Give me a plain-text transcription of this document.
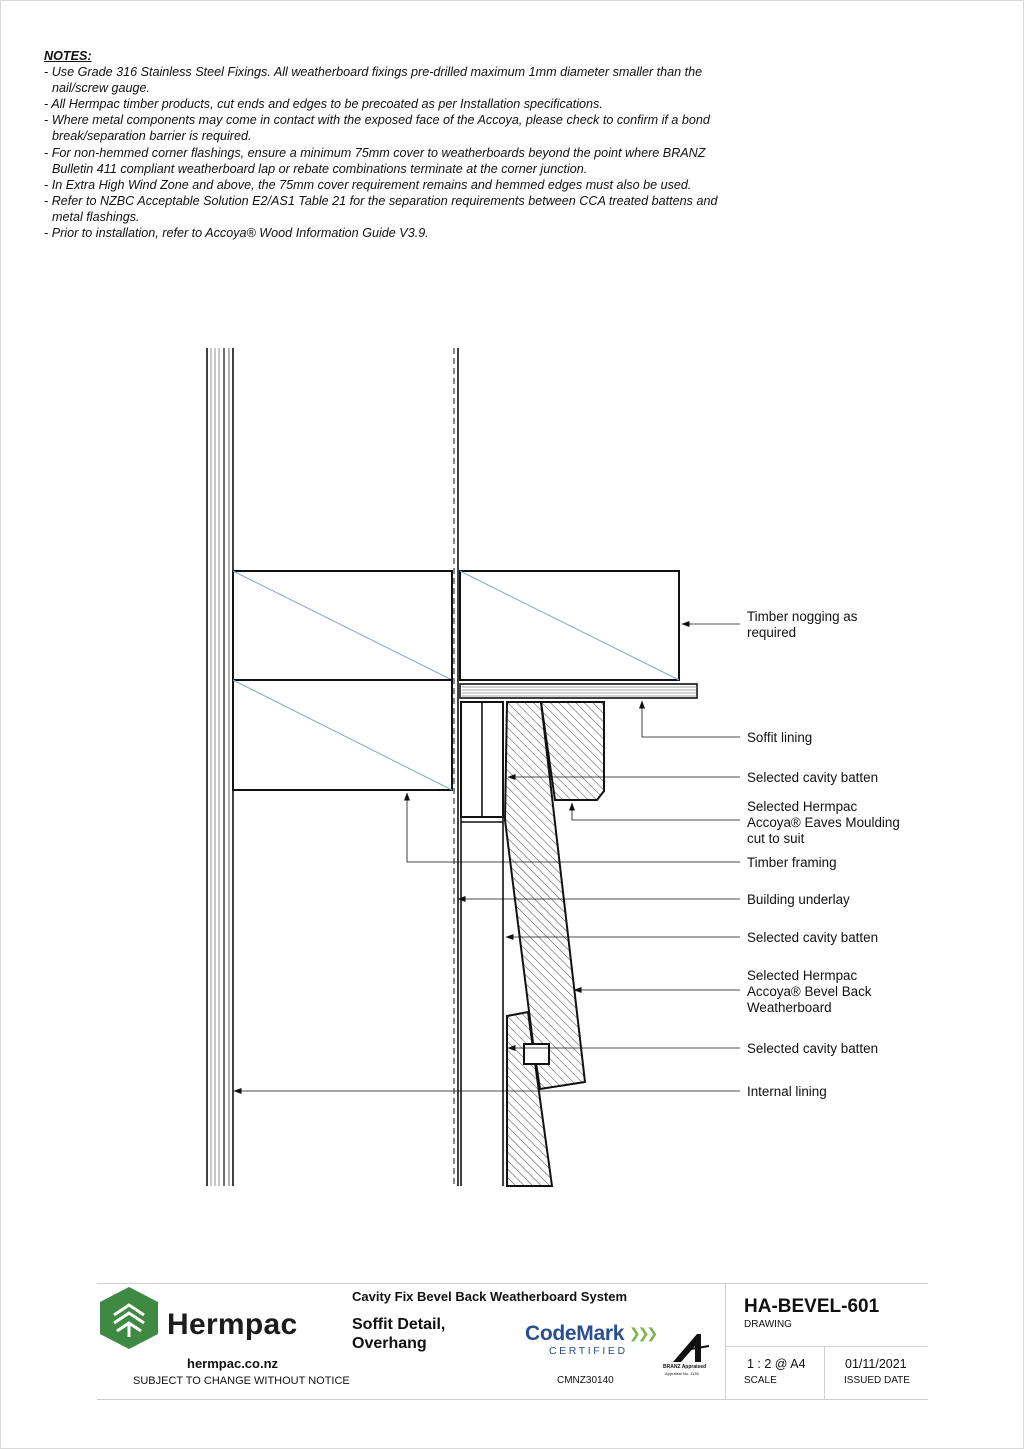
NOTES:
- Use Grade 316 Stainless Steel Fixings. All weatherboard fixings pre-drilled maximum 1mm diameter smaller than the nail/screw gauge.
- All Hermpac timber products, cut ends and edges to be precoated as per Installation specifications.
- Where metal components may come in contact with the exposed face of the Accoya, please check to confirm if a bond break/separation barrier is required.
- For non-hemmed corner flashings, ensure a minimum 75mm cover to weatherboards beyond the point where BRANZ Bulletin 411 compliant weatherboard lap or rebate combinations terminate at the corner junction.
- In Extra High Wind Zone and above, the 75mm cover requirement remains and hemmed edges must also be used.
- Refer to NZBC Acceptable Solution E2/AS1 Table 21 for the separation requirements between CCA treated battens and metal flashings.
- Prior to installation, refer to Accoya® Wood Information Guide V3.9.
Timber nogging as required
Soffit lining
Selected cavity batten
Selected Hermpac Accoya® Eaves Moulding cut to suit
Timber framing
Building underlay
Selected cavity batten
Selected Hermpac Accoya® Bevel Back Weatherboard
Selected cavity batten
Internal lining
Hermpac
hermpac.co.nz
SUBJECT TO CHANGE WITHOUT NOTICE
Cavity Fix Bevel Back Weatherboard System
Soffit Detail,
Overhang	CodeMark ❯❯❯
CERTIFIED
CMNZ30140
BRANZ Appraised
Appraisal No. 1135
HA-BEVEL-601
DRAWING
1 : 2 @ A4
SCALE
01/11/2021
ISSUED DATE
